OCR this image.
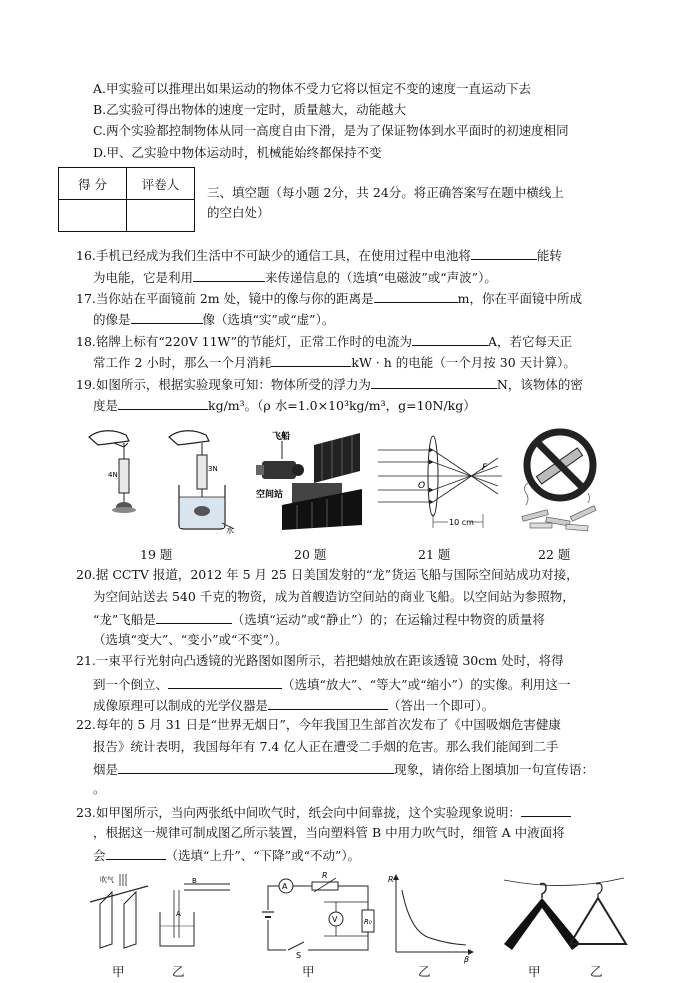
A.甲实验可以推理出如果运动的物体不受力它将以恒定不变的速度一直运动下去
B.乙实验可得出物体的速度一定时，质量越大，动能越大
C.两个实验都控制物体从同一高度自由下滑，是为了保证物体到水平面时的初速度相同
D.甲、乙实验中物体运动时，机械能始终都保持不变
得 分	评卷人

三、填空题（每小题 2分，共 24分。将正确答案写在题中横线上
的空白处）
16.手机已经成为我们生活中不可缺少的通信工具，在使用过程中电池将	能转
为电能，它是利用	来传递信息的（选填“电磁波”或“声波”）。
17.当你站在平面镜前 2m 处，镜中的像与你的距离是	m，你在平面镜中所成
的像是	像（选填“实”或“虚”）。
18.铭牌上标有“220V 11W”的节能灯，正常工作时的电流为	A，若它每天正
常工作 2 小时，那么一个月消耗	kW · h 的电能（一个月按 30 天计算）。
19.如图所示，根据实验现象可知：物体所受的浮力为	N，该物体的密
度是	kg/m³。（ρ 水=1.0×10³kg/m³，g=10N/kg）
4N
3N
水
19 题
飞船
空间站
20 题
F
O
10 cm
21 题	22 题
20.据 CCTV 报道，2012 年 5 月 25 日美国发射的“龙”货运飞船与国际空间站成功对接，
为空间站送去 540 千克的物资，成为首艘造访空间站的商业飞船。以空间站为参照物，
“龙”飞船是	（选填“运动”或“静止”）的；在运输过程中物资的质量将
（选填“变大”、“变小”或“不变”）。
21.一束平行光射向凸透镜的光路图如图所示，若把蜡烛放在距该透镜 30cm 处时，将得
到一个倒立、	（选填“放大”、“等大”或“缩小”）的实像。利用这一
成像原理可以制成的光学仪器是	（答出一个即可）。
22.每年的 5 月 31 日是“世界无烟日”，今年我国卫生部首次发布了《中国吸烟危害健康
报告》统计表明，我国每年有 7.4 亿人正在遭受二手烟的危害。那么我们能闻到二手
烟是	现象，请你给上图填加一句宣传语：
。
23.如甲图所示，当向两张纸中间吹气时，纸会向中间靠拢，这个实验现象说明：
，根据这一规律可制成图乙所示装置，当向塑料管 B 中用力吹气时，细管 A 中液面将
会	（选填“上升”、“下降”或“不动”）。
吹气	B
A
甲	乙
A
R
R₀
V
S
R
β
甲	乙	甲	乙
